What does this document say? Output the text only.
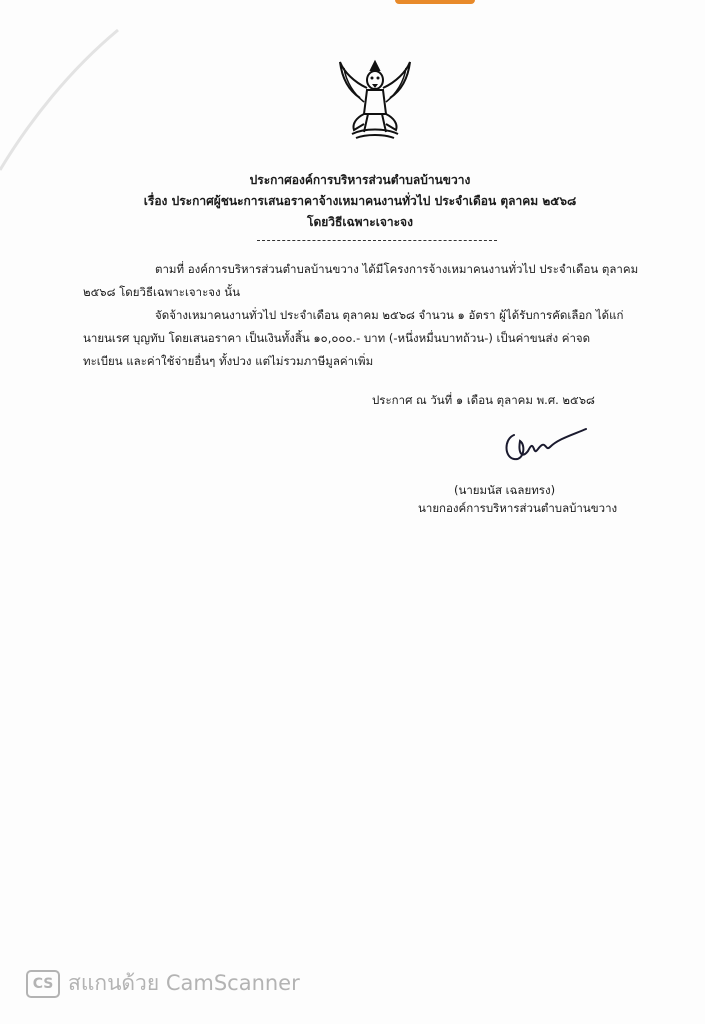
ประกาศองค์การบริหารส่วนตำบลบ้านขวาง
เรื่อง ประกาศผู้ชนะการเสนอราคาจ้างเหมาคนงานทั่วไป ประจำเดือน ตุลาคม ๒๕๖๘
โดยวิธีเฉพาะเจาะจง
ตามที่ องค์การบริหารส่วนตำบลบ้านขวาง ได้มีโครงการจ้างเหมาคนงานทั่วไป ประจำเดือน ตุลาคม
๒๕๖๘ โดยวิธีเฉพาะเจาะจง นั้น
จัดจ้างเหมาคนงานทั่วไป ประจำเดือน ตุลาคม ๒๕๖๘ จำนวน ๑ อัตรา ผู้ได้รับการคัดเลือก ได้แก่
นายนเรศ บุญทับ โดยเสนอราคา เป็นเงินทั้งสิ้น ๑๐,๐๐๐.- บาท (-หนึ่งหมื่นบาทถ้วน-) เป็นค่าขนส่ง ค่าจด
ทะเบียน และค่าใช้จ่ายอื่นๆ ทั้งปวง แต่ไม่รวมภาษีมูลค่าเพิ่ม
ประกาศ ณ วันที่ ๑ เดือน ตุลาคม พ.ศ. ๒๕๖๘
(นายมนัส เฉลยทรง)
นายกองค์การบริหารส่วนตำบลบ้านขวาง
CS สแกนด้วย CamScanner
